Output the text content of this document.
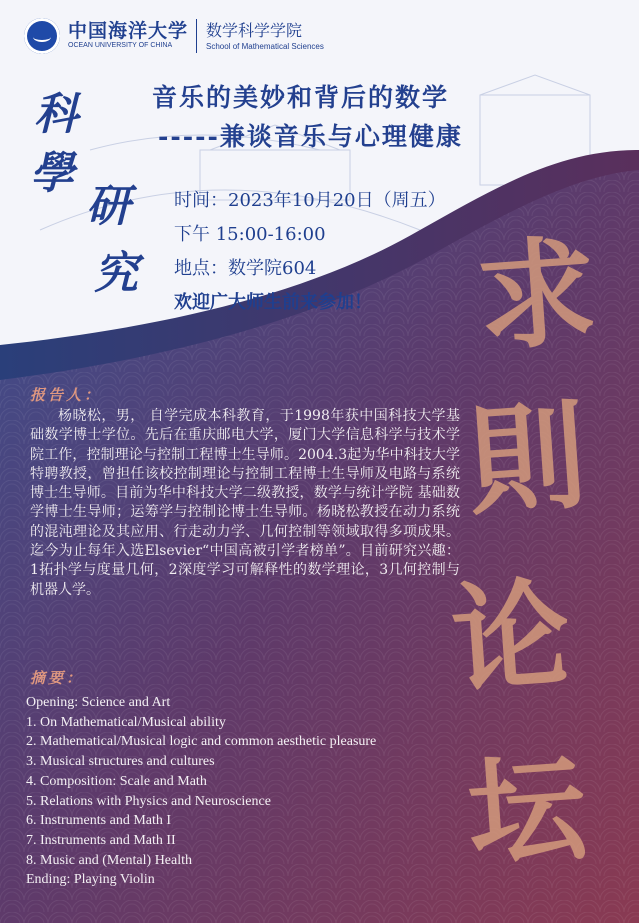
中国海洋大学
OCEAN UNIVERSITY OF CHINA
数学科学学院
School of Mathematical Sciences
音乐的美妙和背后的数学
-----兼谈音乐与心理健康
科
學
研
究
时间：2023年10月20日（周五）
下午 15:00-16:00
地点：数学院604
欢迎广大师生前来参加！ 求
則
论
坛
报告人：
杨晓松，男， 自学完成本科教育，于1998年获中国科技大学基础数学博士学位。先后在重庆邮电大学，厦门大学信息科学与技术学院工作，控制理论与控制工程博士生导师。2004.3起为华中科技大学特聘教授，曾担任该校控制理论与控制工程博士生导师及电路与系统博士生导师。目前为华中科技大学二级教授，数学与统计学院 基础数学博士生导师；运筹学与控制论博士生导师。杨晓松教授在动力系统的混沌理论及其应用、行走动力学、几何控制等领域取得多项成果。迄今为止每年入选Elsevier“中国高被引学者榜单”。目前研究兴趣：1拓扑学与度量几何，2深度学习可解释性的数学理论，3几何控制与机器人学。
摘要：
Opening: Science and Art
1. On Mathematical/Musical ability
2. Mathematical/Musical logic and common aesthetic pleasure
3. Musical structures and cultures
4. Composition: Scale and Math
5. Relations with Physics and Neuroscience
6. Instruments and Math I
7. Instruments and Math II
8. Music and (Mental) Health
Ending: Playing Violin
